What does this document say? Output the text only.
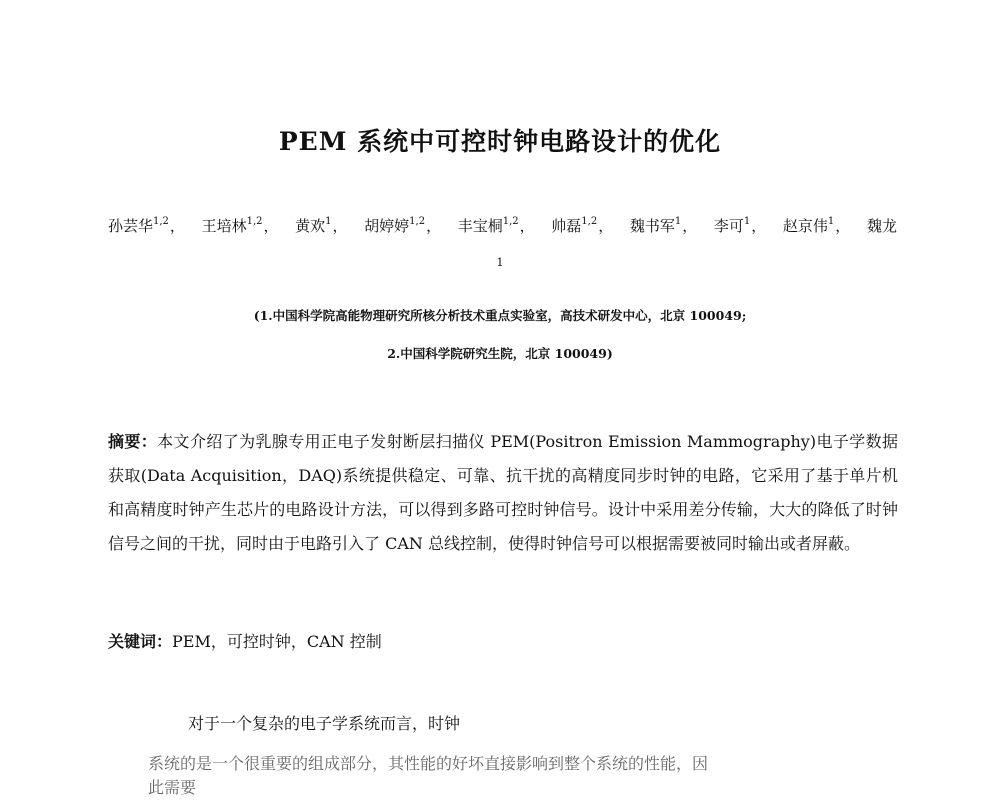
PEM 系统中可控时钟电路设计的优化
孙芸华$^{1,2}$， 王培林$^{1,2}$， 黄欢$^1$， 胡婷婷$^{1,2}$， 丰宝桐$^{1,2}$， 帅磊$^{1,2}$， 魏书军$^1$， 李可$^1$， 赵京伟$^1$， 魏龙
1
(1.中国科学院高能物理研究所核分析技术重点实验室，高技术研发中心，北京 100049;
2.中国科学院研究生院，北京 100049)
摘要：本文介绍了为乳腺专用正电子发射断层扫描仪 PEM(Positron Emission Mammography)电子学数据获取(Data Acquisition，DAQ)系统提供稳定、可靠、抗干扰的高精度同步时钟的电路，它采用了基于单片机和高精度时钟产生芯片的电路设计方法，可以得到多路可控时钟信号。设计中采用差分传输，大大的降低了时钟信号之间的干扰，同时由于电路引入了 CAN 总线控制，使得时钟信号可以根据需要被同时输出或者屏蔽。
关键词：PEM，可控时钟，CAN 控制
对于一个复杂的电子学系统而言，时钟
系统的是一个很重要的组成部分，其性能的好坏直接影响到整个系统的性能，因此需要
